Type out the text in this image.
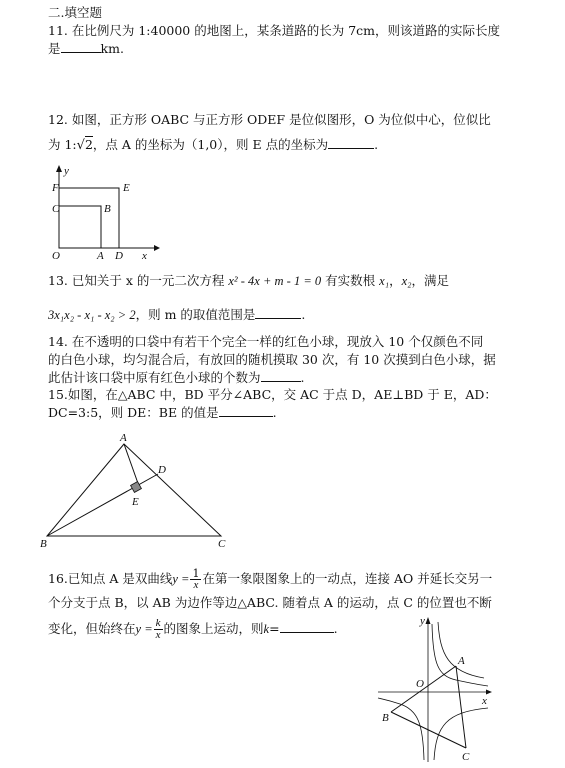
二.填空题
11. 在比例尺为 1:40000 的地图上，某条道路的长为 7cm，则该道路的实际长度
是	km.
12. 如图，正方形 OABC 与正方形 ODEF 是位似图形，O 为位似中心，位似比
为 1:√2，点 A 的坐标为（1,0），则 E 点的坐标为	.
F	E
C	B
O	A D x
y
13. 已知关于 x 的一元二次方程 x² - 4x + m - 1 = 0 有实数根 x₁，x₂，满足
3x₁x₂ - x₁ - x₂ > 2，则 m 的取值范围是	.
14. 在不透明的口袋中有若干个完全一样的红色小球，现放入 10 个仅颜色不同
的白色小球，均匀混合后，有放回的随机摸取 30 次，有 10 次摸到白色小球，据
此估计该口袋中原有红色小球的个数为	.
15.如图，在△ABC 中，BD 平分∠ABC，交 AC 于点 D，AE⊥BD 于 E，AD：
DC=3:5，则 DE：BE 的值是	.
A
D
E
B	C
16.已知点 A 是双曲线$y = \frac{1}{x}$ 在第一象限图象上的一动点，连接 AO 并延长交另一
个分支于点 B，以 AB 为边作等边△ABC. 随着点 A 的运动，点 C 的位置也不断
变化，但始终在$y = \frac{k}{x}$ 的图象上运动，则k=	.	y
x
O
A
B
C
